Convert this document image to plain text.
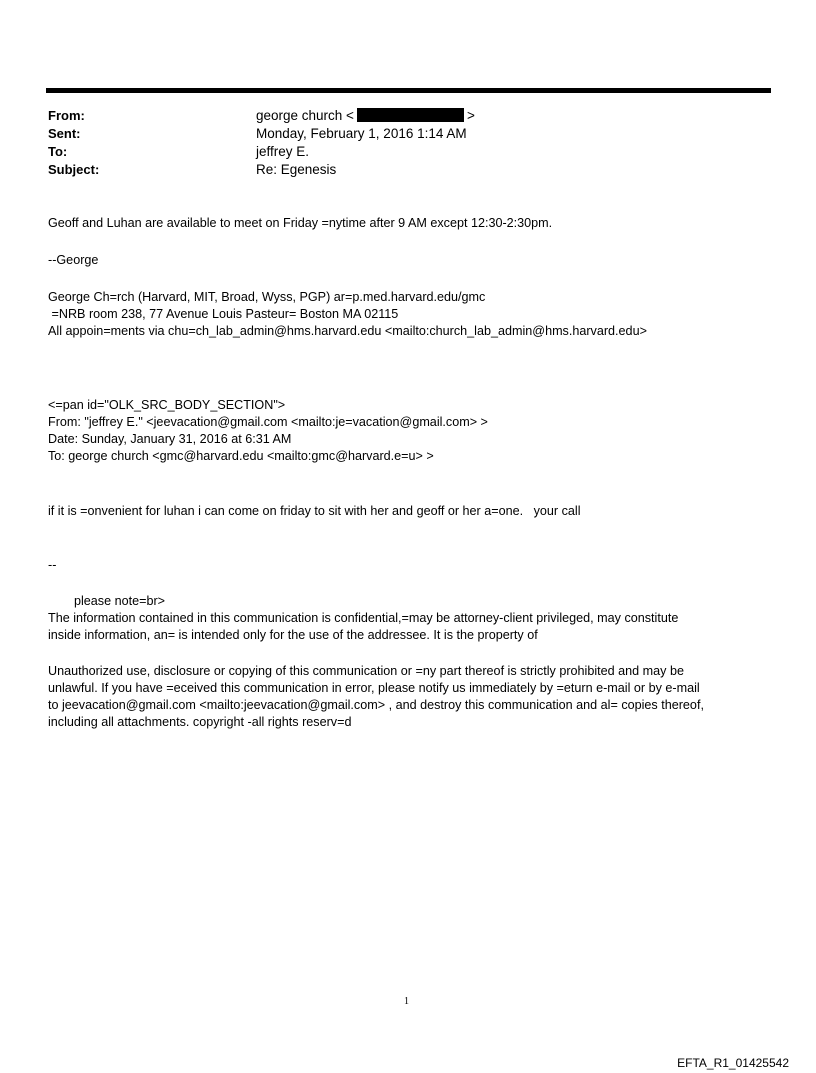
From:	george church <	>
Sent:	Monday, February 1, 2016 1:14 AM
To:	jeffrey E.
Subject:	Re: Egenesis
Geoff and Luhan are available to meet on Friday =nytime after 9 AM except 12:30-2:30pm.
--George
George Ch=rch (Harvard, MIT, Broad, Wyss, PGP) ar=p.med.harvard.edu/gmc
=NRB room 238, 77 Avenue Louis Pasteur= Boston MA 02115
All appoin=ments via chu=ch_lab_admin@hms.harvard.edu <mailto:church_lab_admin@hms.harvard.edu>
<=pan id="OLK_SRC_BODY_SECTION">
From: "jeffrey E." <jeevacation@gmail.com <mailto:je=vacation@gmail.com> >
Date: Sunday, January 31, 2016 at 6:31 AM
To: george church <gmc@harvard.edu <mailto:gmc@harvard.e=u> >
if it is =onvenient for luhan i can come on friday to sit with her and geoff or her a=one.   your call
--
please note=br>
The information contained in this communication is confidential,=may be attorney-client privileged, may constitute
inside information, an= is intended only for the use of the addressee. It is the property of
Unauthorized use, disclosure or copying of this communication or =ny part thereof is strictly prohibited and may be
unlawful. If you have =eceived this communication in error, please notify us immediately by =eturn e-mail or by e-mail
to jeevacation@gmail.com <mailto:jeevacation@gmail.com> , and destroy this communication and al= copies thereof,
including all attachments. copyright -all rights reserv=d
1
EFTA_R1_01425542
